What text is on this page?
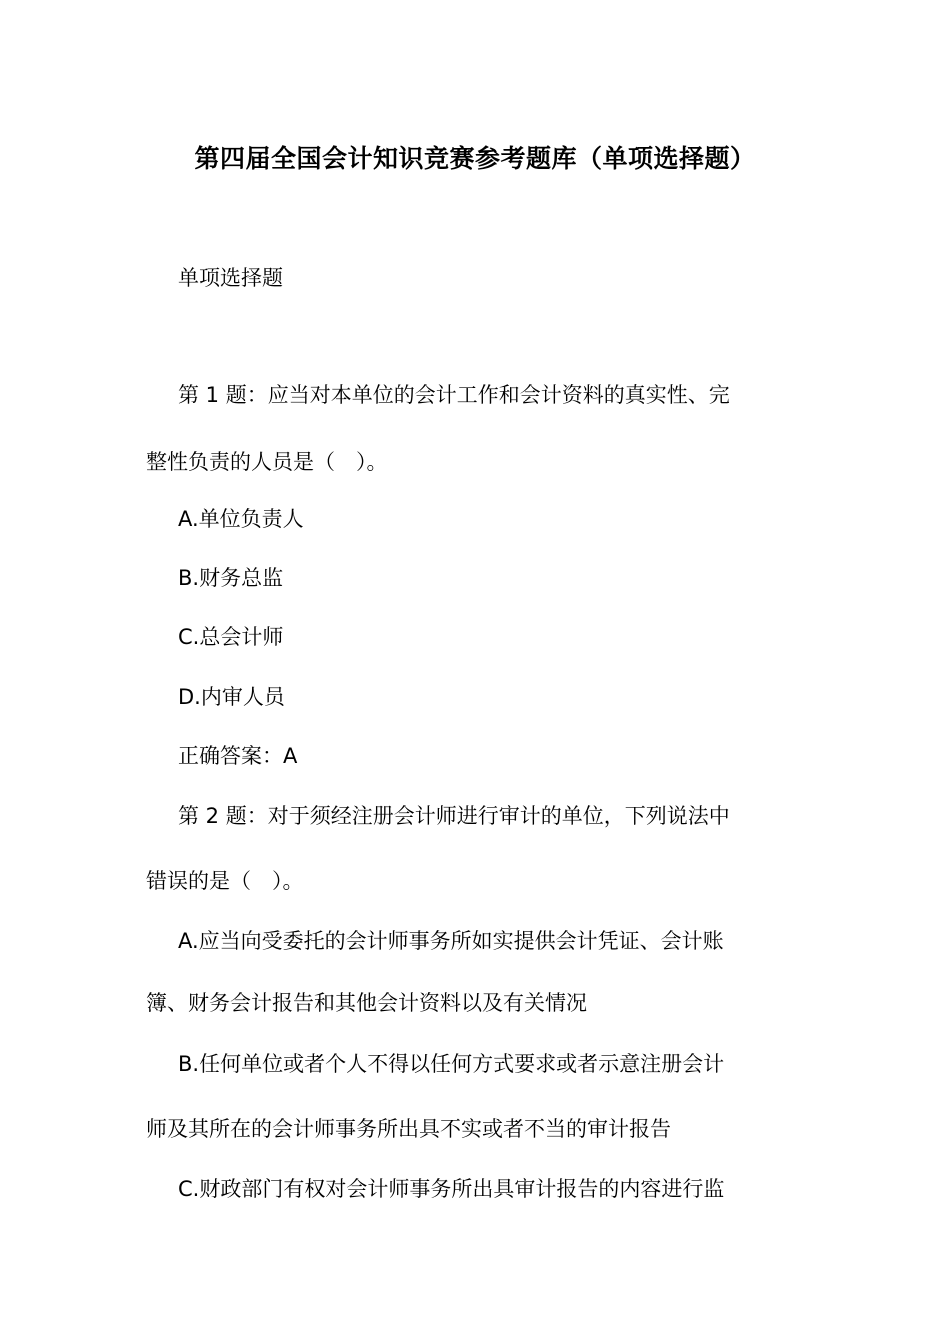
第四届全国会计知识竞赛参考题库（单项选择题）
单项选择题
第 1 题：应当对本单位的会计工作和会计资料的真实性、完
整性负责的人员是（　）。
A.单位负责人
B.财务总监
C.总会计师
D.内审人员
正确答案：A
第 2 题：对于须经注册会计师进行审计的单位，下列说法中
错误的是（　）。
A.应当向受委托的会计师事务所如实提供会计凭证、会计账
簿、财务会计报告和其他会计资料以及有关情况
B.任何单位或者个人不得以任何方式要求或者示意注册会计
师及其所在的会计师事务所出具不实或者不当的审计报告
C.财政部门有权对会计师事务所出具审计报告的内容进行监
